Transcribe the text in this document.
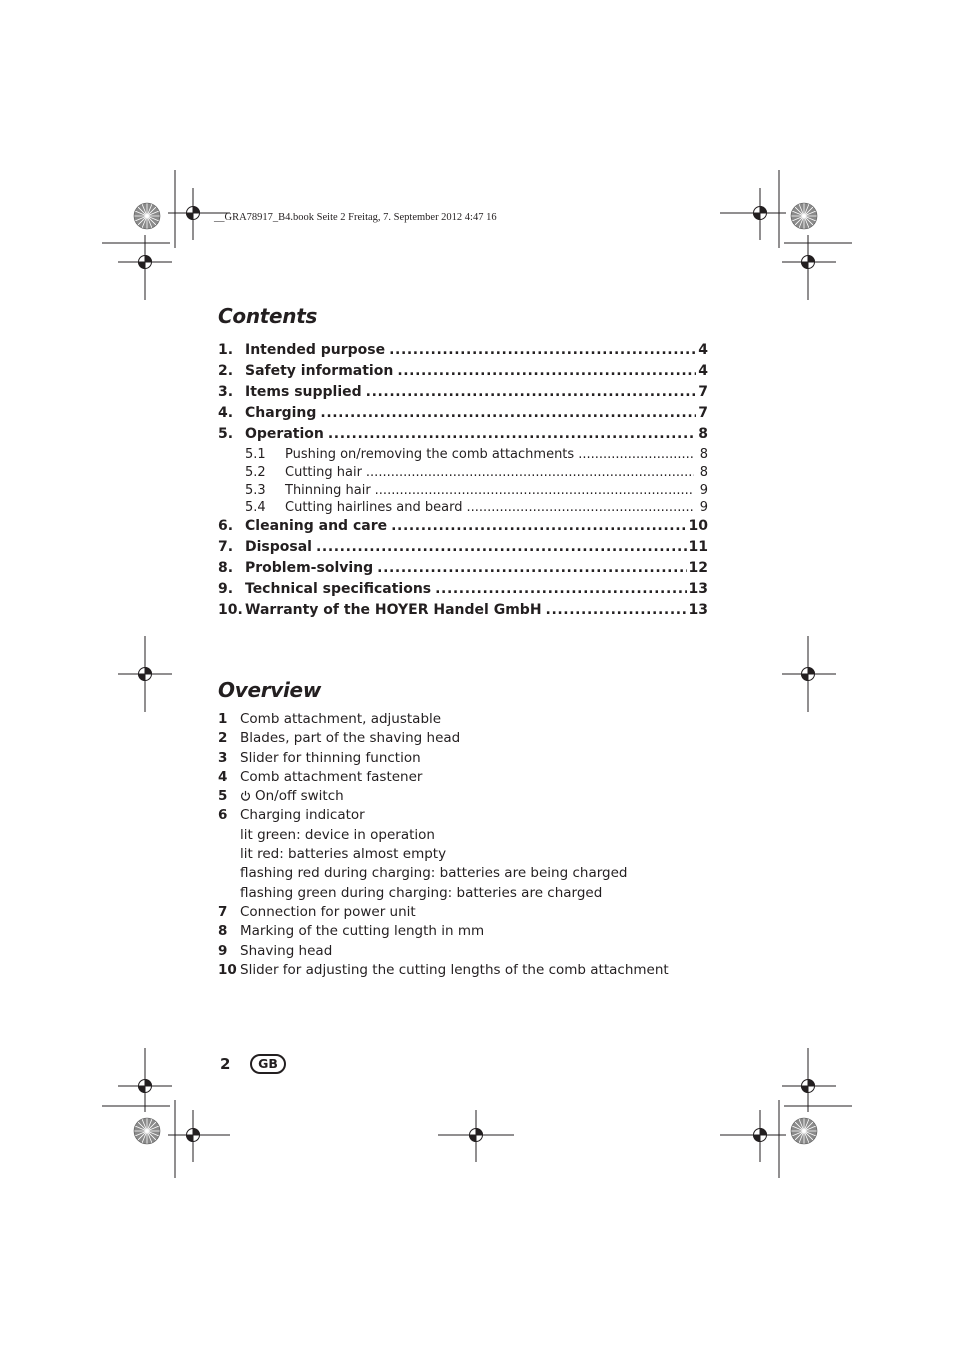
__GRA78917_B4.book Seite 2 Freitag, 7. September 2012 4:47 16
Contents
1. Intended purpose .....	4
2. Safety information .....	4
3. Items supplied .....	7
4. Charging .....	7
5. Operation .....	8
5.1	Pushing on/removing the comb attachments .....	8
5.2	Cutting hair .....	8
5.3	Thinning hair .....	9
5.4	Cutting hairlines and beard .....	9
6. Cleaning and care .....	10
7. Disposal .....	11
8. Problem-solving .....	12
9. Technical specifications .....	13
10. Warranty of the HOYER Handel GmbH .....	13
Overview
1 Comb attachment, adjustable
2 Blades, part of the shaving head
3 Slider for thinning function
4 Comb attachment fastener
5	On/off switch
6 Charging indicator
lit green: device in operation
lit red: batteries almost empty
flashing red during charging: batteries are being charged
flashing green during charging: batteries are charged
7 Connection for power unit
8 Marking of the cutting length in mm
9 Shaving head
10 Slider for adjusting the cutting lengths of the comb attachment
2	GB
